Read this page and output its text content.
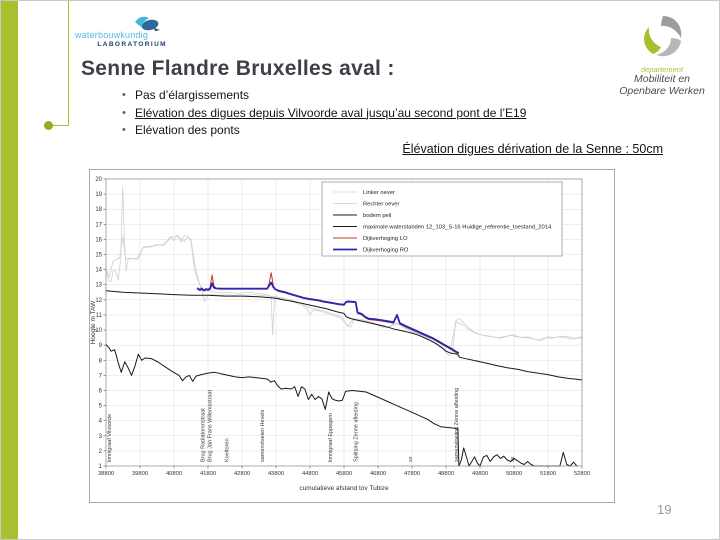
waterbouwkundig
LABORATORIUM
departement
Mobiliteit en
Openbare Werken
Senne Flandre Bruxelles aval :
• Pas d’élargissements
• Elévation des digues depuis Vilvoorde aval jusqu’au second pont de l’E19
• Elévation des ponts
Élévation digues dérivation de la Senne : 50cm
38800	39800	40800	41800	42800	43800	44800	45800	46800	47800	48800	49800	50800	51800	52800
1
2
3
4
5
6
7
8
9
10
11
12
13
14
15
16
17
18
19
20
limnigraaf Vilvoorde	Brug Radiatorenstraat Brug Jan Frans Willemsstraat Koeltoren	samenvloeien Hevels	limnigraaf Eppegem	Splitsing Zenne afleiding	xx	samenvloeiing Zenne afleiding	xx
cumulatieve afstand tov Tubize
Hoogte m TAW
Linker oever
Rechter oever
bodem peil
maximale waterstanden 12_103_S-16 Huidige_referentie_toestand_2014
Dijkverhoging LO
Dijkverhoging RO
19
